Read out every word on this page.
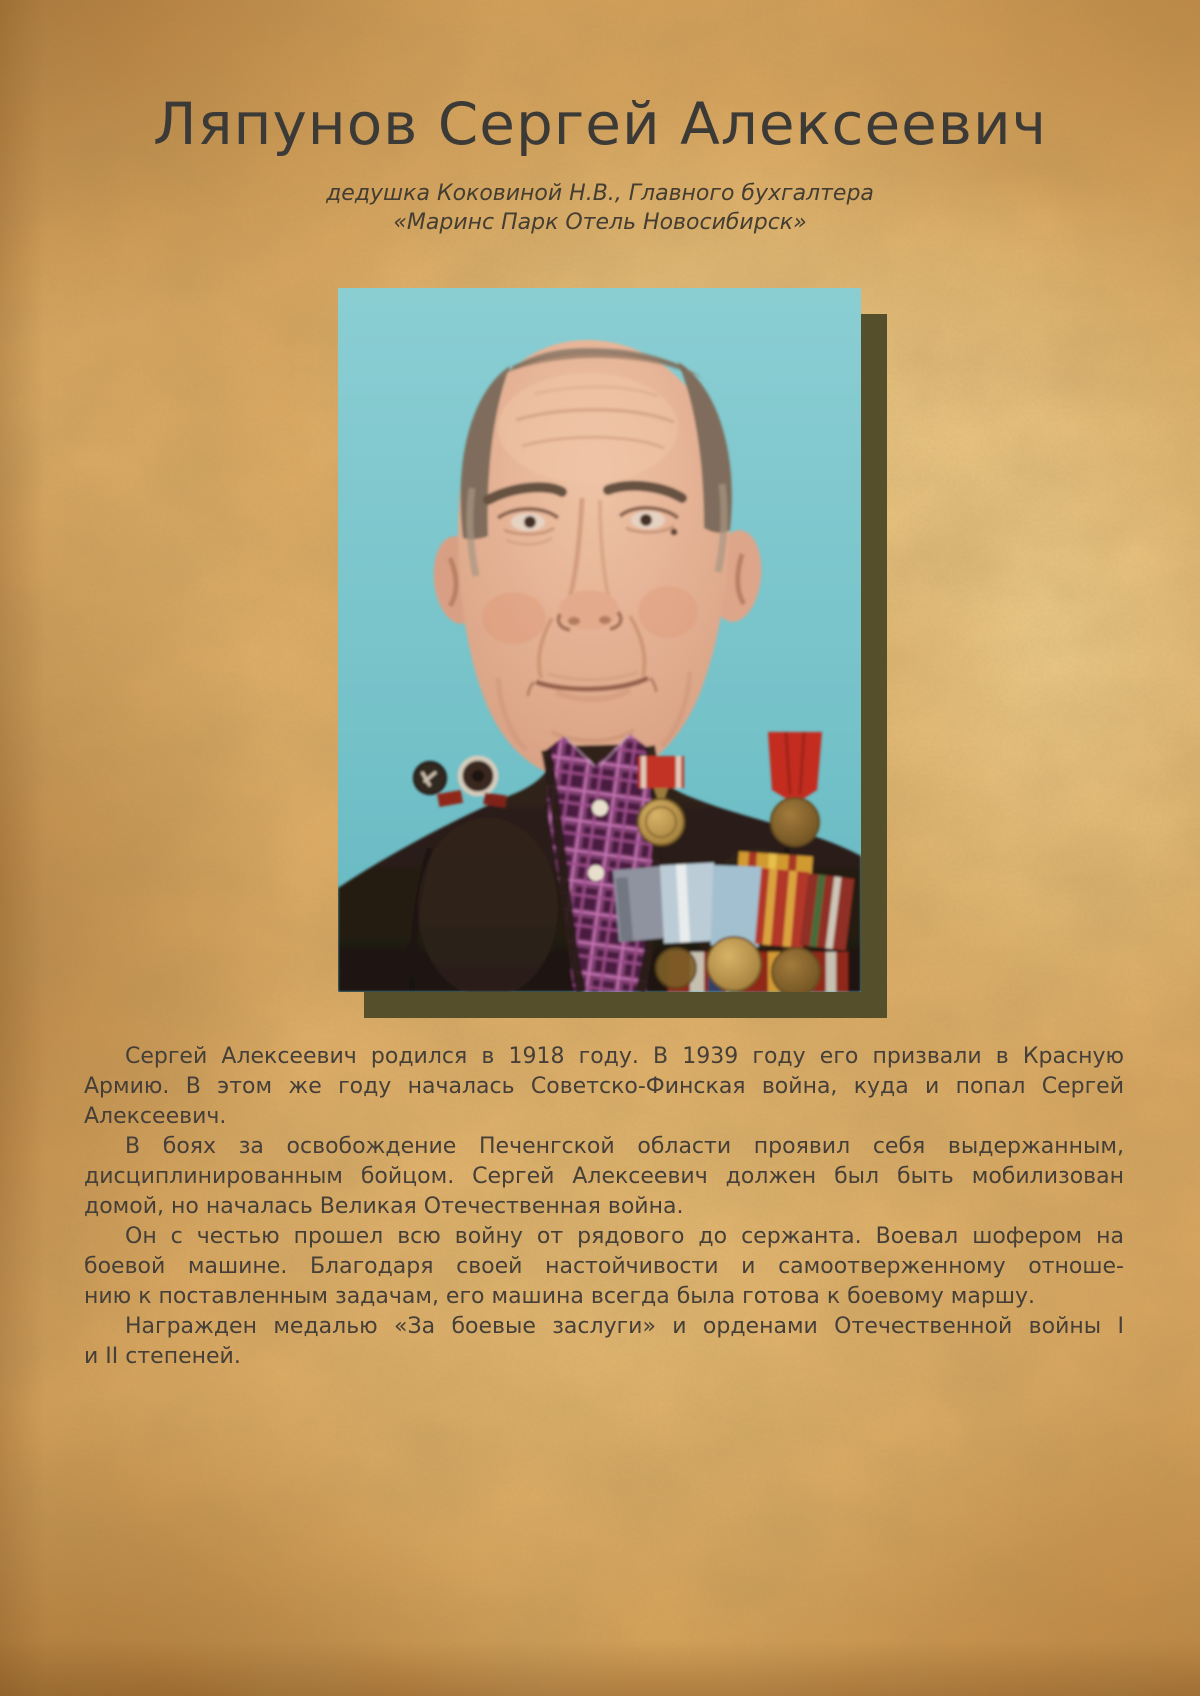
Ляпунов Сергей Алексеевич
дедушка Коковиной Н.В., Главного бухгалтера
«Маринс Парк Отель Новосибирск»
Сергей Алексеевич родился в 1918 году. В 1939 году его призвали в Красную
Армию. В этом же году началась Советско-Финская война, куда и попал Сергей
Алексеевич.
В боях за освобождение Печенгской области проявил себя выдержанным,
дисциплинированным бойцом. Сергей Алексеевич должен был быть мобилизован
домой, но началась Великая Отечественная война.
Он с честью прошел всю войну от рядового до сержанта. Воевал шофером на
боевой машине. Благодаря своей настойчивости и самоотверженному отноше-
нию к поставленным задачам, его машина всегда была готова к боевому маршу.
Награжден медалью «За боевые заслуги» и орденами Отечественной войны I
и II степеней.
